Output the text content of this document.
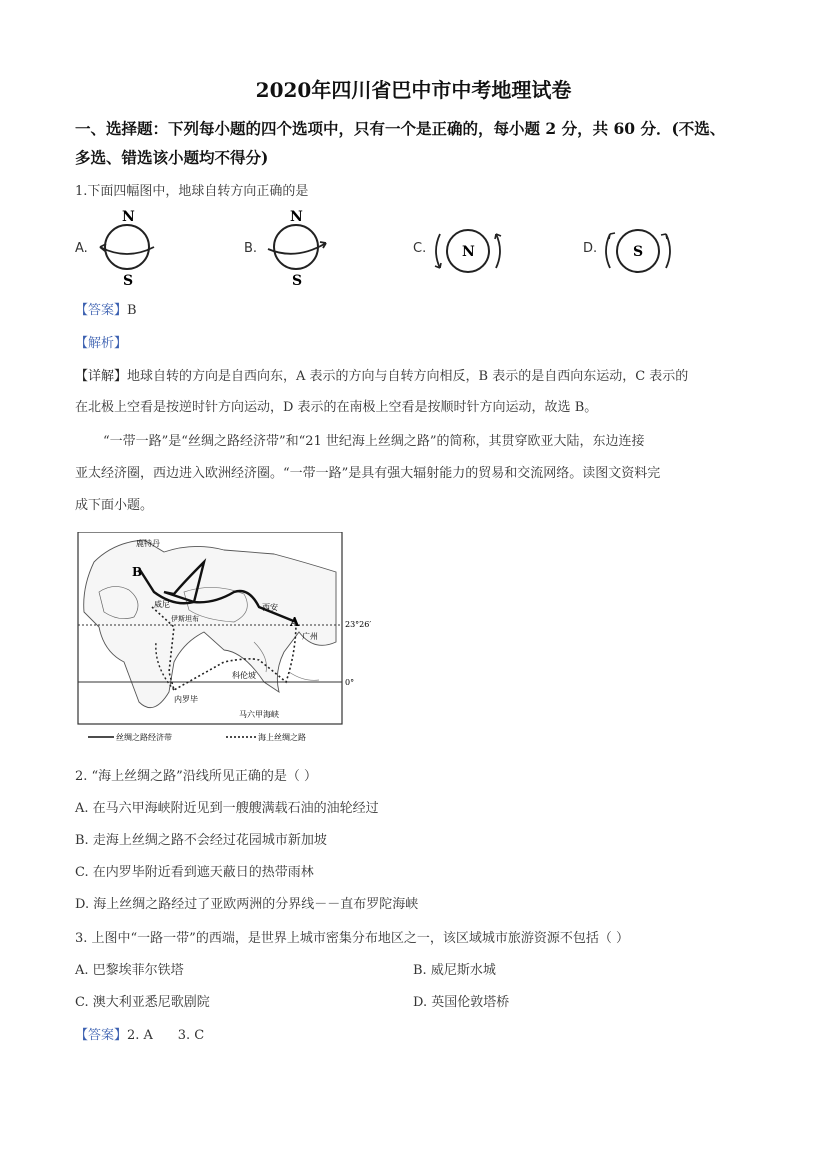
2020年四川省巴中市中考地理试卷
一、选择题：下列每小题的四个选项中，只有一个是正确的，每小题 2 分，共 60 分．(不选、
多选、错选该小题均不得分)
1.下面四幅图中，地球自转方向正确的是
A.
N
S
B.
N
S
C.	N	D.	S
【答案】B
【解析】
【详解】地球自转的方向是自西向东，A 表示的方向与自转方向相反，B 表示的是自西向东运动，C 表示的
在北极上空看是按逆时针方向运动，D 表示的在南极上空看是按顺时针方向运动，故选 B。
“一带一路”是“丝绸之路经济带”和“21 世纪海上丝绸之路”的简称，其贯穿欧亚大陆，东边连接
亚太经济圈，西边进入欧洲经济圈。“一带一路”是具有强大辐射能力的贸易和交流网络。读图文资料完
成下面小题。
鹿特丹
B
威尼
伊斯坦布
西安
A
广州
科伦坡
内罗毕
马六甲海峡
23°26′
0°
丝绸之路经济带	海上丝绸之路
2. “海上丝绸之路”沿线所见正确的是（ ）
A. 在马六甲海峡附近见到一艘艘满载石油的油轮经过
B. 走海上丝绸之路不会经过花园城市新加坡
C. 在内罗毕附近看到遮天蔽日的热带雨林
D. 海上丝绸之路经过了亚欧两洲的分界线－－直布罗陀海峡
3. 上图中“一路一带”的西端，是世界上城市密集分布地区之一，该区域城市旅游资源不包括（ ）
A. 巴黎埃菲尔铁塔	B. 威尼斯水城
C. 澳大利亚悉尼歌剧院	D. 英国伦敦塔桥
【答案】2. A      3. C
